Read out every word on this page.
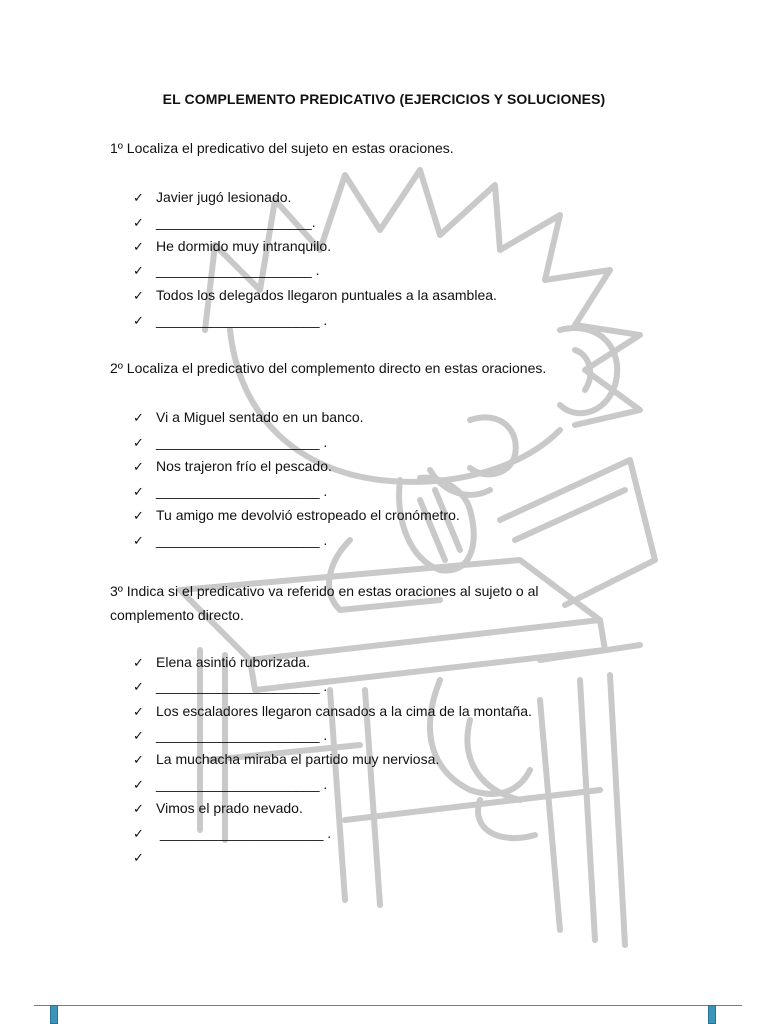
EL COMPLEMENTO PREDICATIVO (EJERCICIOS Y SOLUCIONES)
1º Localiza el predicativo del sujeto en estas oraciones.
✓ Javier jugó lesionado.
✓ ____________________.
✓ He dormido muy intranquilo.
✓ ____________________ .
✓ Todos los delegados llegaron puntuales a la asamblea.
✓ _____________________ .
2º Localiza el predicativo del complemento directo en estas oraciones.
✓ Vi a Miguel sentado en un banco.
✓ _____________________ .
✓ Nos trajeron frío el pescado.
✓ _____________________ .
✓ Tu amigo me devolvió estropeado el cronómetro.
✓ _____________________ .
3º Indica si el predicativo va referido en estas oraciones al sujeto o al complemento directo.
✓ Elena asintió ruborizada.
✓ _____________________ .
✓ Los escaladores llegaron cansados a la cima de la montaña.
✓ _____________________ .
✓ La muchacha miraba el partido muy nerviosa.
✓ _____________________ .
✓ Vimos el prado nevado.
✓ _____________________ .
✓
